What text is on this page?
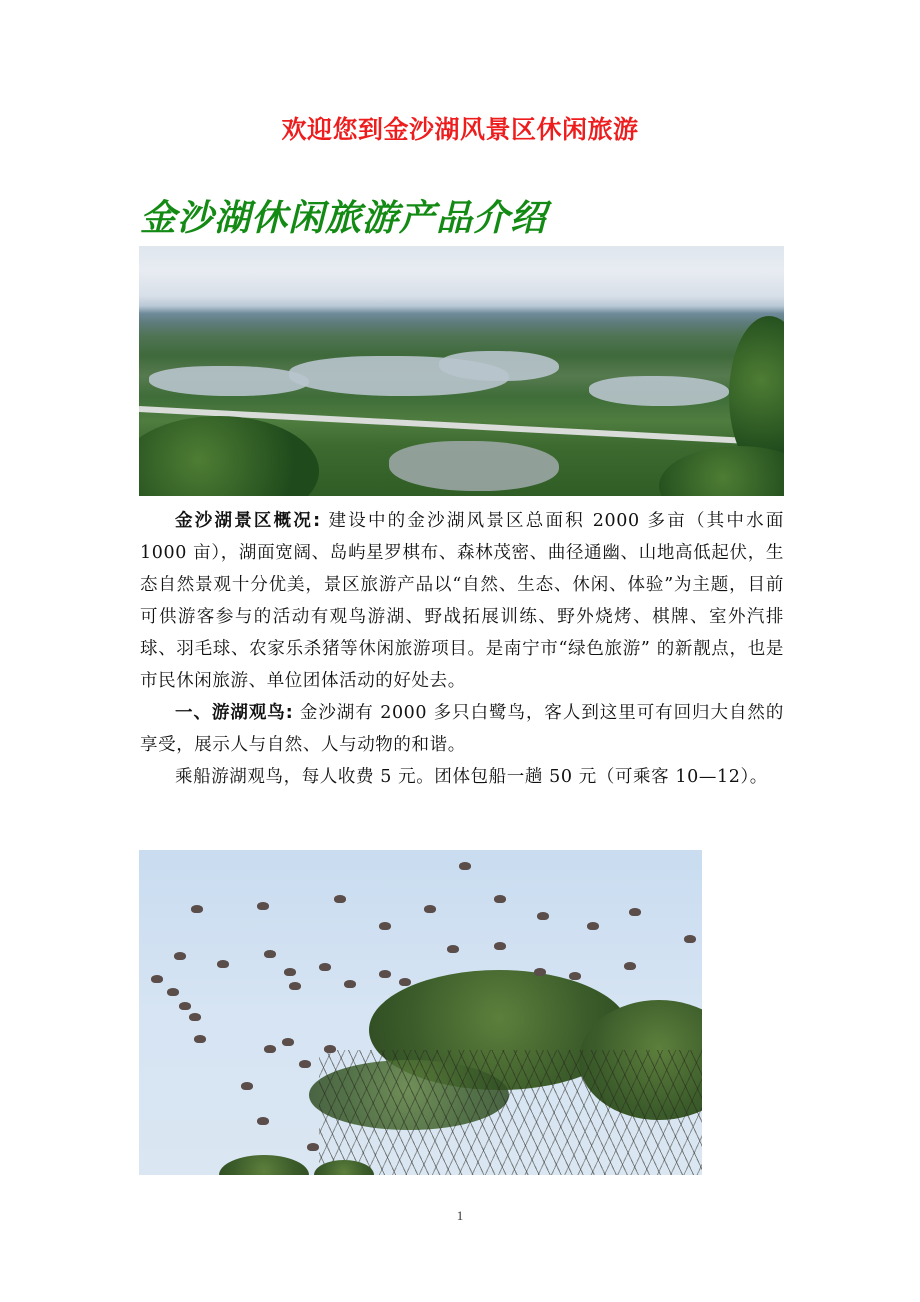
欢迎您到金沙湖风景区休闲旅游
金沙湖休闲旅游产品介绍

金沙湖景区概况: 建设中的金沙湖风景区总面积 2000 多亩（其中水面 1000 亩），湖面宽阔、岛屿星罗棋布、森林茂密、曲径通幽、山地高低起伏，生态自然景观十分优美，景区旅游产品以“自然、生态、休闲、体验”为主题，目前可供游客参与的活动有观鸟游湖、野战拓展训练、野外烧烤、棋牌、室外汽排球、羽毛球、农家乐杀猪等休闲旅游项目。是南宁市“绿色旅游” 的新靓点，也是市民休闲旅游、单位团体活动的好处去。

一、游湖观鸟: 金沙湖有 2000 多只白鹭鸟，客人到这里可有回归大自然的享受，展示人与自然、人与动物的和谐。

乘船游湖观鸟，每人收费 5 元。团体包船一趟 50 元（可乘客 10—12）。

1
